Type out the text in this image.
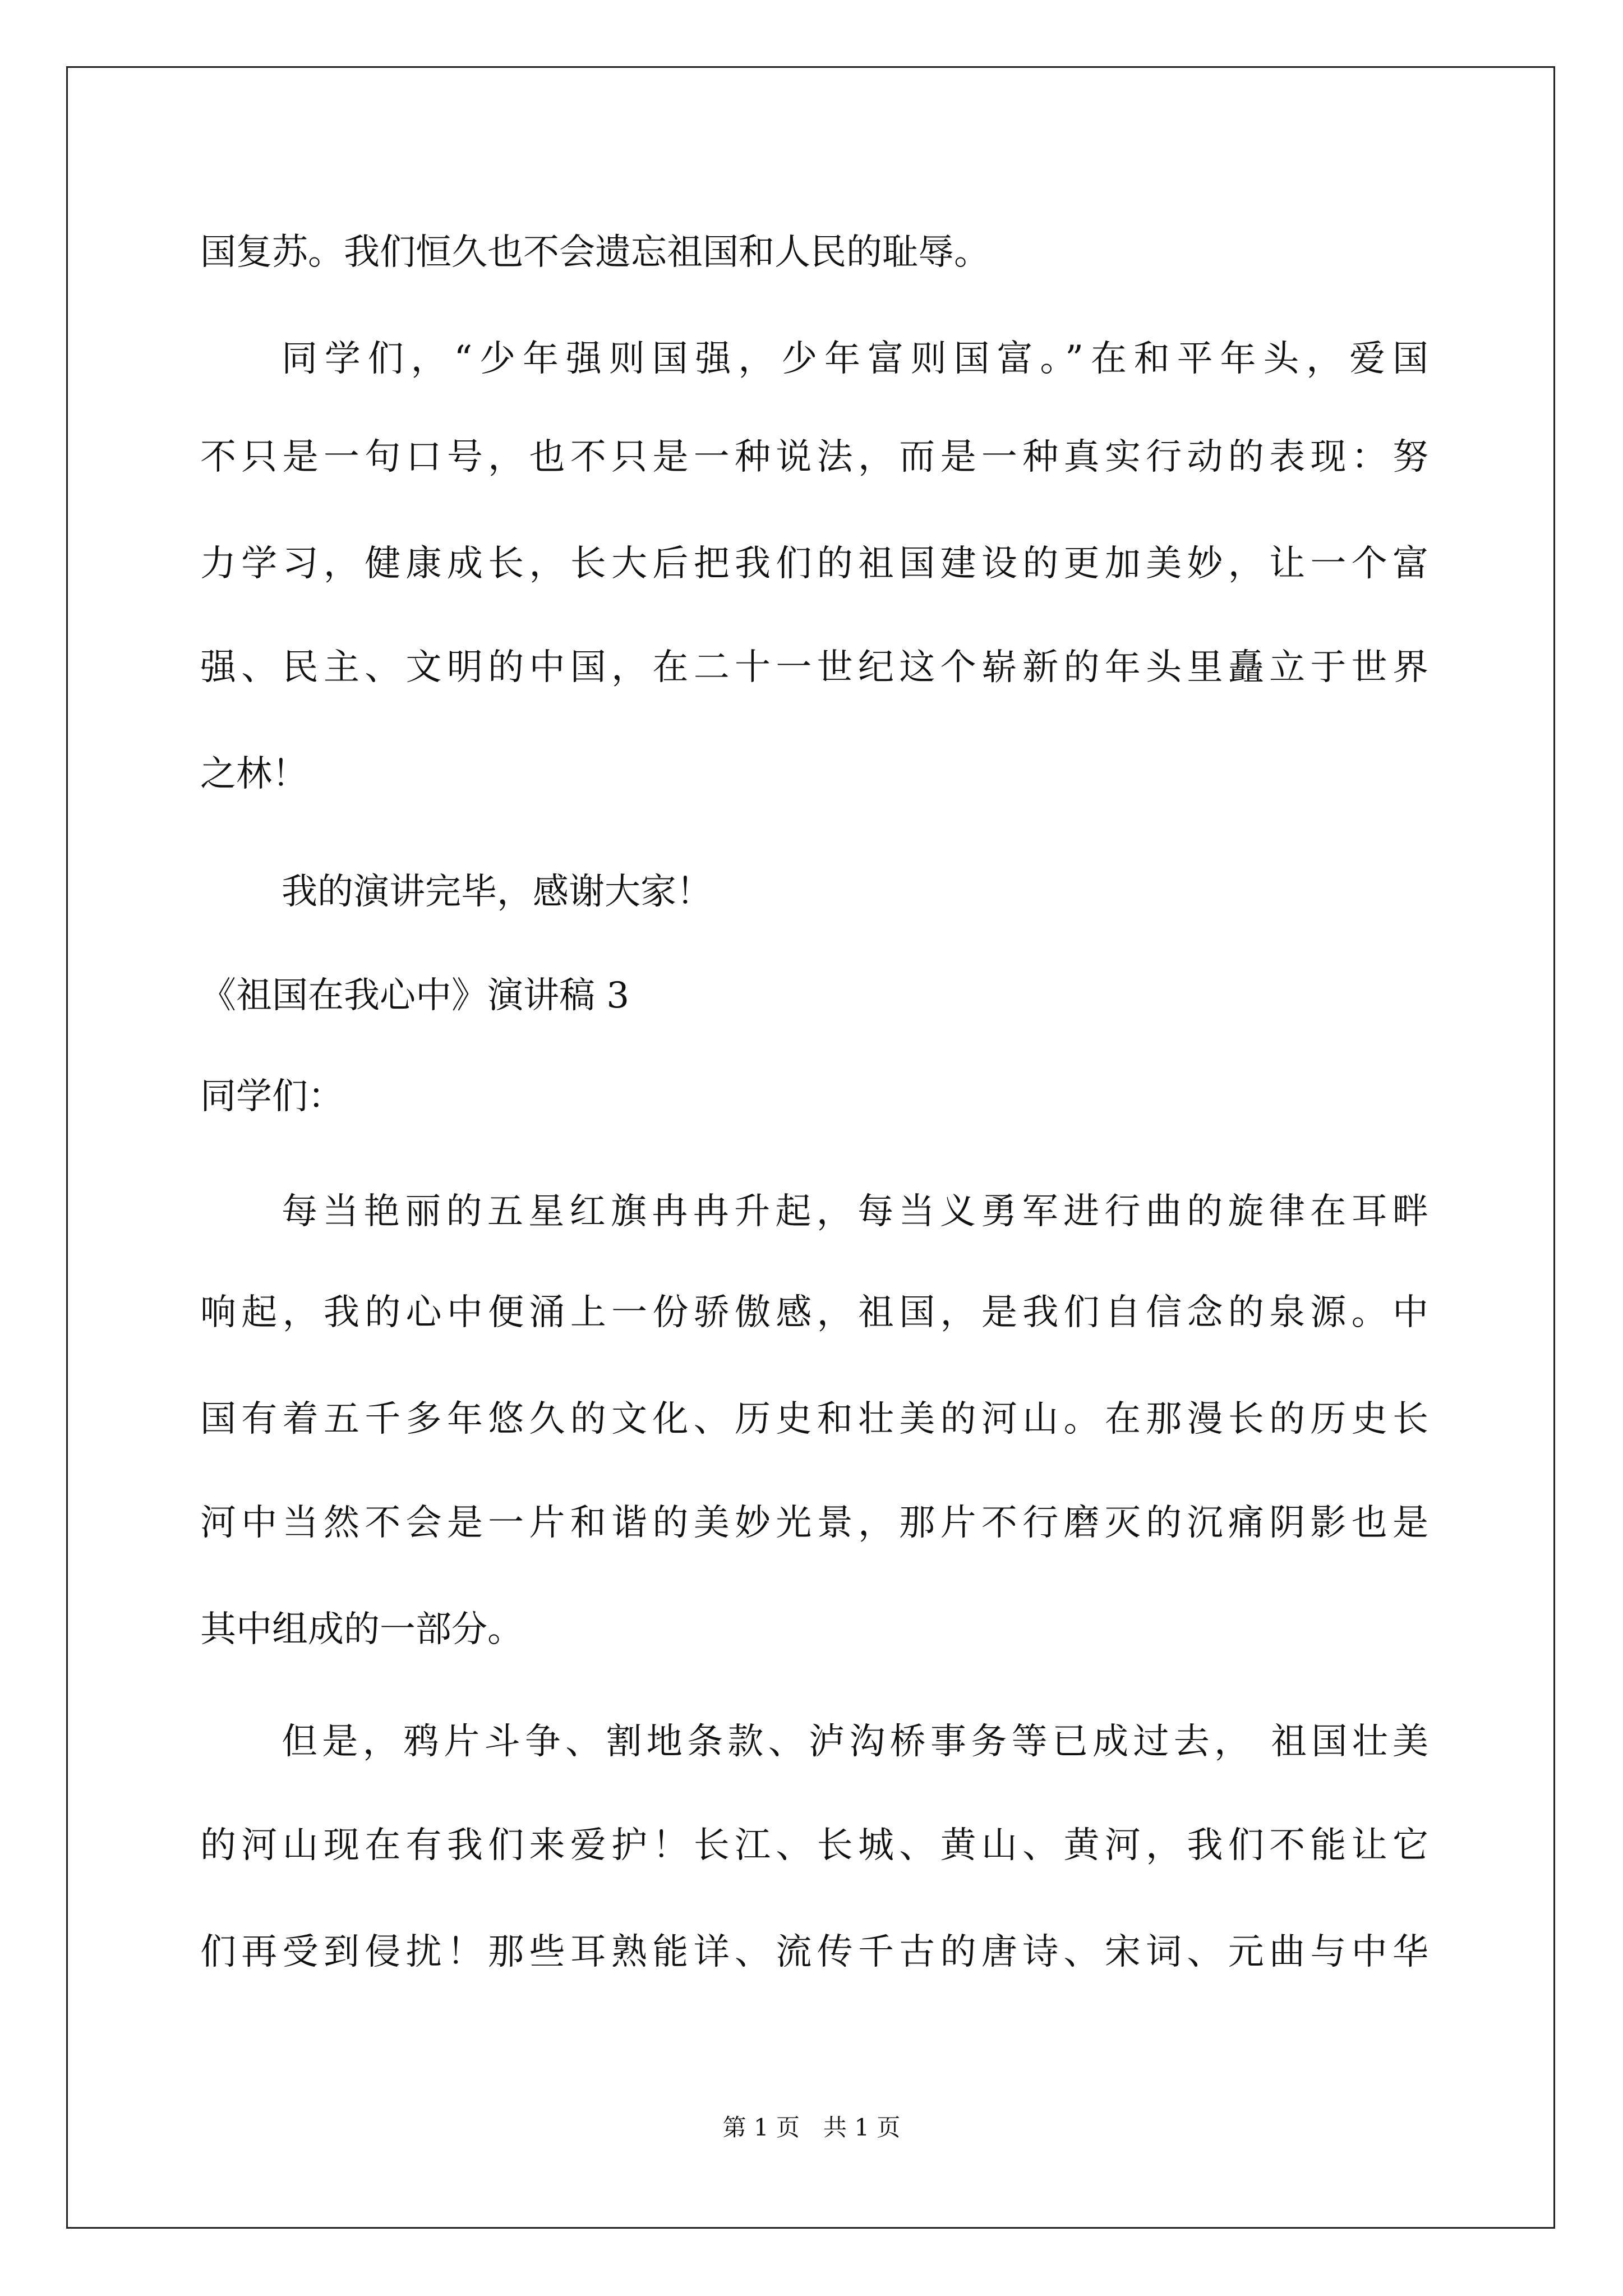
国复苏。我们恒久也不会遗忘祖国和人民的耻辱。
同学们，“少年强则国强，少年富则国富。”在和平年头，爱国
不只是一句口号，也不只是一种说法，而是一种真实行动的表现：努
力学习，健康成长，长大后把我们的祖国建设的更加美妙，让一个富
强、民主、文明的中国，在二十一世纪这个崭新的年头里矗立于世界
之林！
我的演讲完毕，感谢大家！
《祖国在我心中》演讲稿 3
同学们：
每当艳丽的五星红旗冉冉升起，每当义勇军进行曲的旋律在耳畔
响起，我的心中便涌上一份骄傲感，祖国，是我们自信念的泉源。中
国有着五千多年悠久的文化、历史和壮美的河山。在那漫长的历史长
河中当然不会是一片和谐的美妙光景，那片不行磨灭的沉痛阴影也是
其中组成的一部分。
但是，鸦片斗争、割地条款、泸沟桥事务等已成过去， 祖国壮美
的河山现在有我们来爱护！长江、长城、黄山、黄河，我们不能让它
们再受到侵扰！那些耳熟能详、流传千古的唐诗、宋词、元曲与中华
第 1 页　共 1 页
